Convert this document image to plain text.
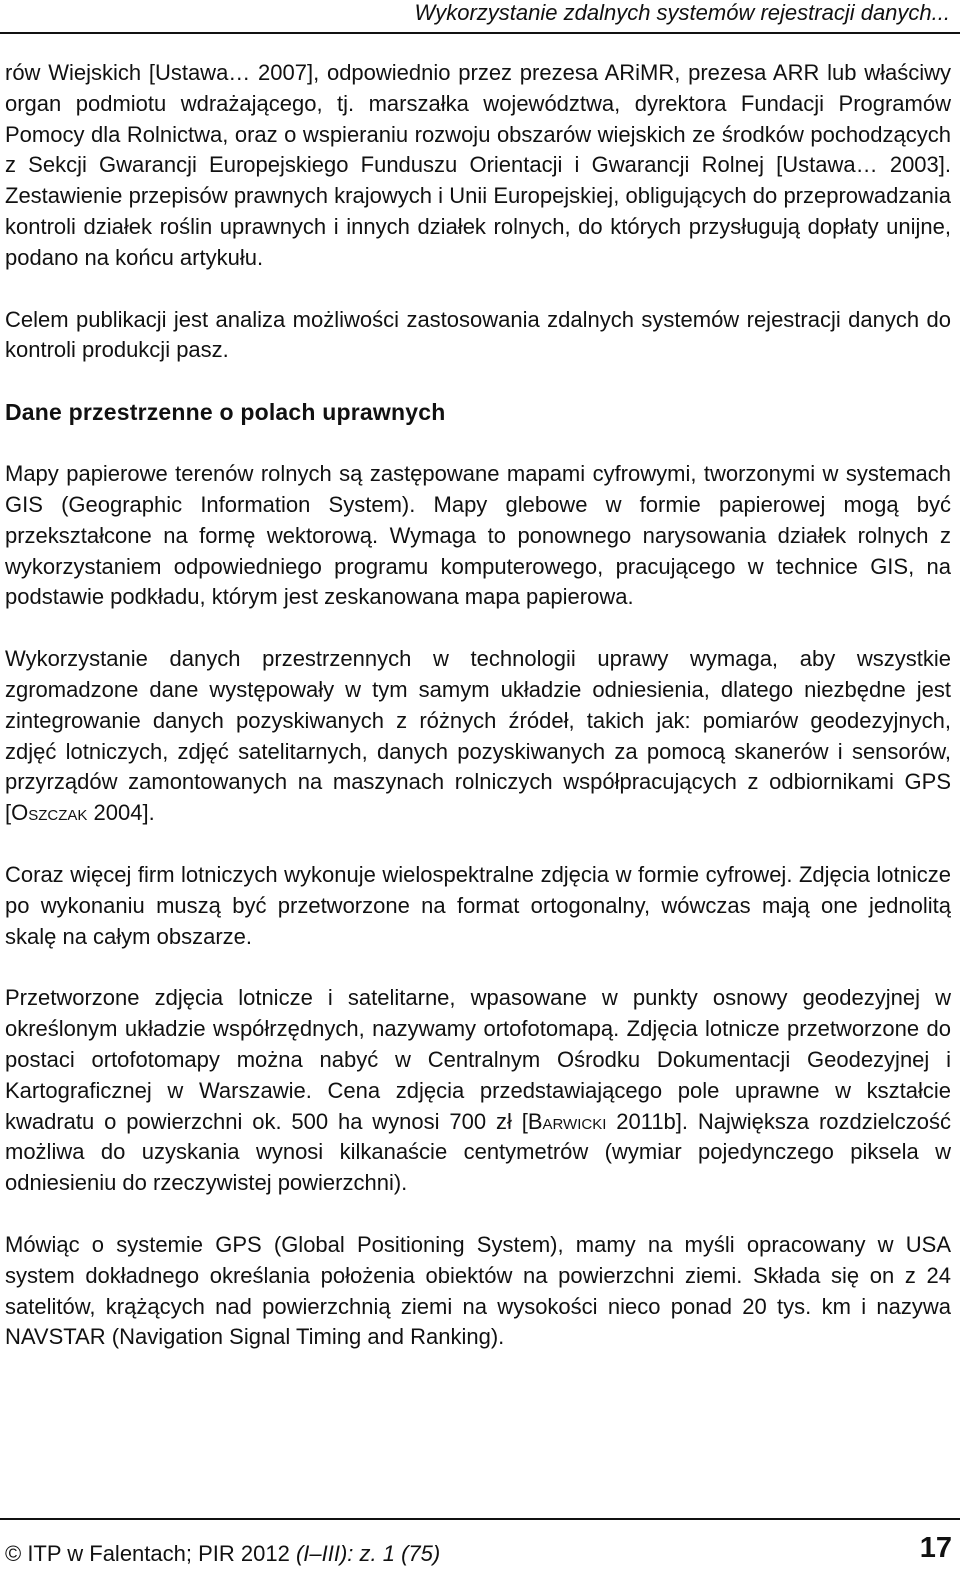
Wykorzystanie zdalnych systemów rejestracji danych...

rów Wiejskich [Ustawa… 2007], odpowiednio przez prezesa ARiMR, prezesa ARR lub właściwy organ podmiotu wdrażającego, tj. marszałka województwa, dyrektora Fundacji Programów Pomocy dla Rolnictwa, oraz o wspieraniu rozwoju obszarów wiejskich ze środków pochodzących z Sekcji Gwarancji Europejskiego Funduszu Orientacji i Gwarancji Rolnej [Ustawa… 2003]. Zestawienie przepisów prawnych krajowych i Unii Europejskiej, obligujących do przeprowadzania kontroli działek roślin uprawnych i innych działek rolnych, do których przysługują dopłaty unijne, podano na końcu artykułu.

Celem publikacji jest analiza możliwości zastosowania zdalnych systemów rejestracji danych do kontroli produkcji pasz.

Dane przestrzenne o polach uprawnych

Mapy papierowe terenów rolnych są zastępowane mapami cyfrowymi, tworzonymi w systemach GIS (Geographic Information System). Mapy glebowe w formie papierowej mogą być przekształcone na formę wektorową. Wymaga to ponownego narysowania działek rolnych z wykorzystaniem odpowiedniego programu komputerowego, pracującego w technice GIS, na podstawie podkładu, którym jest zeskanowana mapa papierowa.

Wykorzystanie danych przestrzennych w technologii uprawy wymaga, aby wszystkie zgromadzone dane występowały w tym samym układzie odniesienia, dlatego niezbędne jest zintegrowanie danych pozyskiwanych z różnych źródeł, takich jak: pomiarów geodezyjnych, zdjęć lotniczych, zdjęć satelitarnych, danych pozyskiwanych za pomocą skanerów i sensorów, przyrządów zamontowanych na maszynach rolniczych współpracujących z odbiornikami GPS [Oszczak 2004].

Coraz więcej firm lotniczych wykonuje wielospektralne zdjęcia w formie cyfrowej. Zdjęcia lotnicze po wykonaniu muszą być przetworzone na format ortogonalny, wówczas mają one jednolitą skalę na całym obszarze.

Przetworzone zdjęcia lotnicze i satelitarne, wpasowane w punkty osnowy geodezyjnej w określonym układzie współrzędnych, nazywamy ortofotomapą. Zdjęcia lotnicze przetworzone do postaci ortofotomapy można nabyć w Centralnym Ośrodku Dokumentacji Geodezyjnej i Kartograficznej w Warszawie. Cena zdjęcia przedstawiającego pole uprawne w kształcie kwadratu o powierzchni ok. 500 ha wynosi 700 zł [Barwicki 2011b]. Największa rozdzielczość możliwa do uzyskania wynosi kilkanaście centymetrów (wymiar pojedynczego piksela w odniesieniu do rzeczywistej powierzchni).

Mówiąc o systemie GPS (Global Positioning System), mamy na myśli opracowany w USA system dokładnego określania położenia obiektów na powierzchni ziemi. Składa się on z 24 satelitów, krążących nad powierzchnią ziemi na wysokości nieco ponad 20 tys. km i nazywa NAVSTAR (Navigation Signal Timing and Ranking).

© ITP w Falentach; PIR 2012 (I–III): z. 1 (75)	17
